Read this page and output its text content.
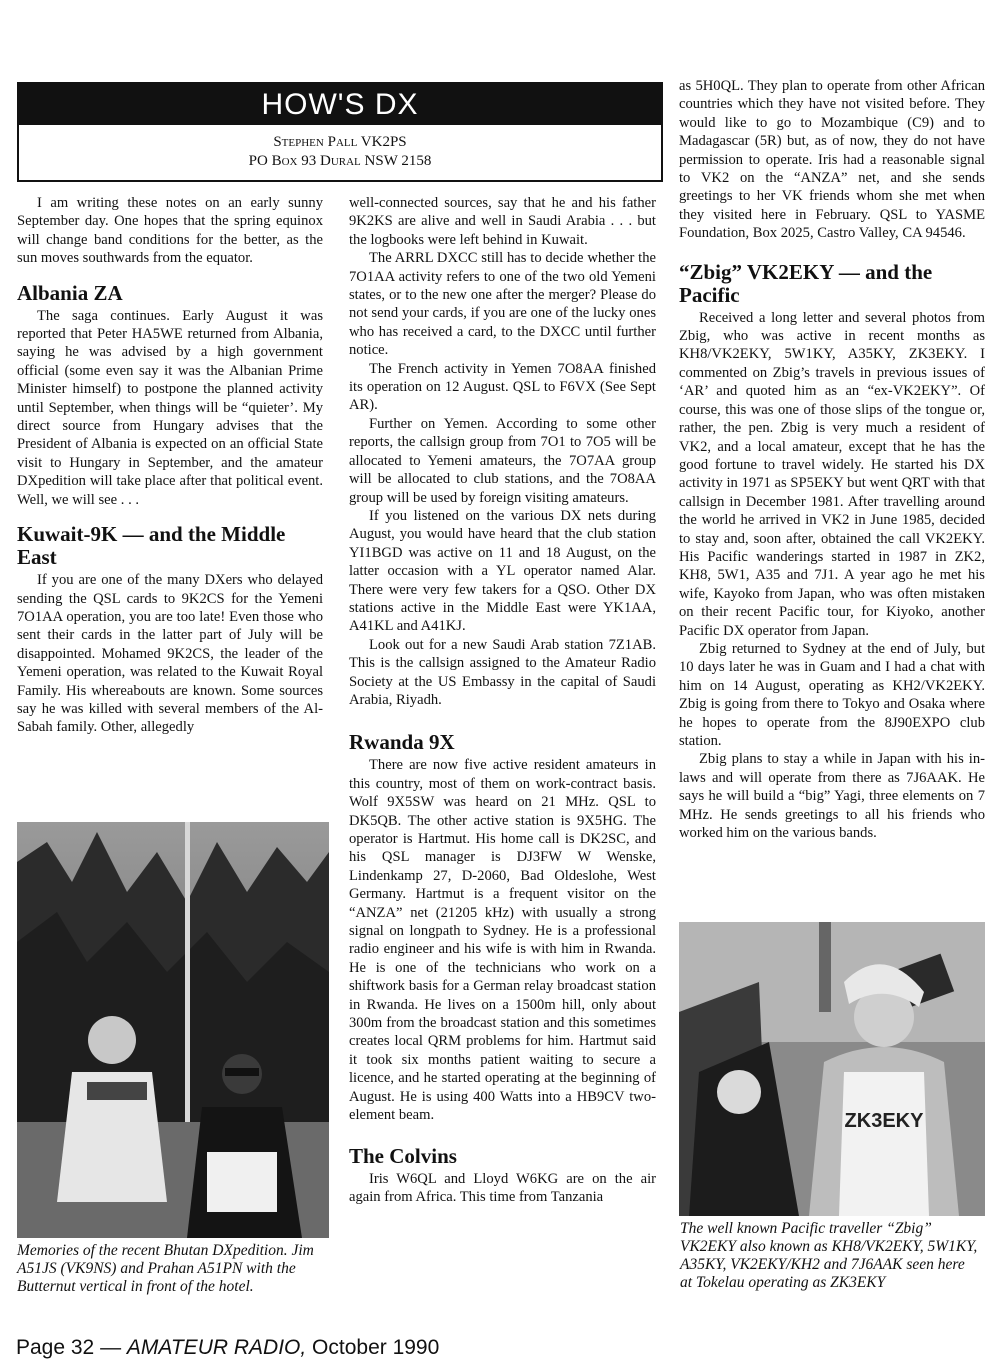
HOW'S DX
Stephen Pall VK2PS
PO Box 93 Dural NSW 2158

I am writing these notes on an early sunny September day. One hopes that the spring equinox will change band conditions for the better, as the sun moves southwards from the equator.

Albania ZA

The saga continues. Early August it was reported that Peter HA5WE returned from Albania, saying he was advised by a high government official (some even say it was the Albanian Prime Minister himself) to postpone the planned activity until September, when things will be “quieter’. My direct source from Hungary advises that the President of Albania is expected on an official State visit to Hungary in September, and the amateur DXpedition will take place after that political event. Well, we will see . . .

Kuwait-9K — and the Middle East

If you are one of the many DXers who delayed sending the QSL cards to 9K2CS for the Yemeni 7O1AA operation, you are too late! Even those who sent their cards in the latter part of July will be disappointed. Mohamed 9K2CS, the leader of the Yemeni operation, was related to the Kuwait Royal Family. His whereabouts are known. Some sources say he was killed with several members of the Al-Sabah family. Other, allegedly

Memories of the recent Bhutan DXpedition. Jim A51JS (VK9NS) and Prahan A51PN with the Butternut vertical in front of the hotel.

well-connected sources, say that he and his father 9K2KS are alive and well in Saudi Arabia . . . but the logbooks were left behind in Kuwait.

The ARRL DXCC still has to decide whether the 7O1AA activity refers to one of the two old Yemeni states, or to the new one after the merger? Please do not send your cards, if you are one of the lucky ones who has received a card, to the DXCC until further notice.

The French activity in Yemen 7O8AA finished its operation on 12 August. QSL to F6VX (See Sept AR).

Further on Yemen. According to some other reports, the callsign group from 7O1 to 7O5 will be allocated to Yemeni amateurs, the 7O7AA group will be allocated to club stations, and the 7O8AA group will be used by foreign visiting amateurs.

If you listened on the various DX nets during August, you would have heard that the club station YI1BGD was active on 11 and 18 August, on the latter occasion with a YL operator named Alar. There were very few takers for a QSO. Other DX stations active in the Middle East were YK1AA, A41KL and A41KJ.

Look out for a new Saudi Arab station 7Z1AB. This is the callsign assigned to the Amateur Radio Society at the US Embassy in the capital of Saudi Arabia, Riyadh.

Rwanda 9X

There are now five active resident amateurs in this country, most of them on work-contract basis. Wolf 9X5SW was heard on 21 MHz. QSL to DK5QB. The other active station is 9X5HG. The operator is Hartmut. His home call is DK2SC, and his QSL manager is DJ3FW W Wenske, Lindenkamp 27, D-2060, Bad Oldeslohe, West Germany. Hartmut is a frequent visitor on the “ANZA” net (21205 kHz) with usually a strong signal on longpath to Sydney. He is a professional radio engineer and his wife is with him in Rwanda. He is one of the technicians who work on a shiftwork basis for a German relay broadcast station in Rwanda. He lives on a 1500m hill, only about 300m from the broadcast station and this sometimes creates local QRM problems for him. Hartmut said it took six months patient waiting to secure a licence, and he started operating at the beginning of August. He is using 400 Watts into a HB9CV two-element beam.

The Colvins

Iris W6QL and Lloyd W6KG are on the air again from Africa. This time from Tanzania

as 5H0QL. They plan to operate from other African countries which they have not visited before. They would like to go to Mozambique (C9) and to Madagascar (5R) but, as of now, they do not have permission to operate. Iris had a reasonable signal to VK2 on the “ANZA” net, and she sends greetings to her VK friends whom she met when they visited here in February. QSL to YASME Foundation, Box 2025, Castro Valley, CA 94546.

“Zbig” VK2EKY — and the Pacific

Received a long letter and several photos from Zbig, who was active in recent months as KH8/VK2EKY, 5W1KY, A35KY, ZK3EKY. I commented on Zbig’s travels in previous issues of ‘AR’ and quoted him as an “ex-VK2EKY”. Of course, this was one of those slips of the tongue or, rather, the pen. Zbig is very much a resident of VK2, and a local amateur, except that he has the good fortune to travel widely. He started his DX activity in 1971 as SP5EKY but went QRT with that callsign in December 1981. After travelling around the world he arrived in VK2 in June 1985, decided to stay and, soon after, obtained the call VK2EKY. His Pacific wanderings started in 1987 in ZK2, KH8, 5W1, A35 and 7J1. A year ago he met his wife, Kayoko from Japan, who was often mistaken on their recent Pacific tour, for Kiyoko, another Pacific DX operator from Japan.

Zbig returned to Sydney at the end of July, but 10 days later he was in Guam and I had a chat with him on 14 August, operating as KH2/VK2EKY. Zbig is going from there to Tokyo and Osaka where he hopes to operate from the 8J90EXPO club station.

Zbig plans to stay a while in Japan with his in-laws and will operate from there as 7J6AAK. He says he will build a “big” Yagi, three elements on 7 MHz. He sends greetings to all his friends who worked him on the various bands.

ZK3EKY
The well known Pacific traveller “Zbig” VK2EKY also known as KH8/VK2EKY, 5W1KY, A35KY, VK2EKY/KH2 and 7J6AAK seen here at Tokelau operating as ZK3EKY
Page 32 — AMATEUR RADIO, October 1990
